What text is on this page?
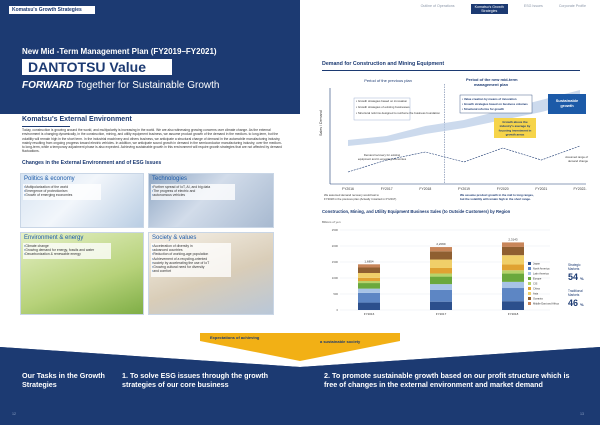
Komatsu's Growth Strategies
Outline of Operations	Komatsu's Growth
Strategies
ESG Issues	Corporate Profile
New Mid -Term Management Plan (FY2019–FY2021)
DANTOTSU Value
FORWARD Together for Sustainable Growth
Komatsu's External Environment
Today, construction is growing around the world, and multipolarity is increasing in the world. We are also witnessing growing concerns over climate change. As the external environment is changing dynamically, in the construction, mining, and utility equipment business, we assume product growth of the demand in the medium- to long-term, but the volatility will remain high in the short term. In the industrial machinery and others business, we anticipate a structural change of demand in the automobile manufacturing industry, mainly resulting from ongoing progress toward electric vehicles. In addition, we anticipate sound growth in demand in the semiconductor manufacturing industry, over the medium- to long-term, while a temporary adjustment phase is also expected. Achieving sustainable growth in this environment will require growth strategies that are not affected by demand fluctuations.
Changes in the External Environment and of ESG Issues
Politics & economy
▪ Multipolarization of the world
▪ Emergence of protectionism
▪ Growth of emerging economies
Technologies
▪ Further spread of IoT, AI, and big data
▪ The progress of electric and
▪ autonomous vehicles
Environment & energy
▪ Climate change
▪ Growing demand for energy, fossils and water
▪ Decarbonization & renewable energy
Society & values
▪ Acceleration of diversity in
▪ advanced countries
▪ Reduction of working-age population
▪ Achievement of a recycling-oriented
▪ society by accelerating the use of IoT
▪ Growing cultural need for diversity
▪ and comfort
Demand for Construction and Mining Equipment
Sales / Demand
Period of the previous plan	Period of the new mid-term
management plan
FY2016	FY2017	FY2018	FY2019	FY2020	FY2021	FY2022-
▪ Growth strategies based on innovation
▪ Growth strategies of existing businesses
▪ Structural reforms designed to reinforce the business foundation
▪ Value creation by means of innovation
▪ Growth strategies based on business volumes
▪ Structural reforms for growth
Growth above the
industry's average by
focusing investment in
growth areas
Sustainable
growth
Demand recovery for existing
equipment and in emerging economies
We assumed demand recovery would last to
FY2018 in the previous plan (Actually it started in FY2017)
We assume product growth in the mid to long ranges,
but the volatility will remain high in the short range.
Assumed range of
demand change
Construction, Mining, and Utility Equipment Business Sales (to Outside Customers) by Region
Billions of yen
0
500
1000
1500
2000
2500
1,6854
FY2016
2,2069
FY2017
2,3143
FY2018
Japan
North America
Latin America
Europe
CIS
China
Asia
Oceania
Middle East and Africa
Strategic
Markets
54 %
Traditional
Markets
46 %
Expectations of achieving
a sustainable society
Our Tasks in the Growth Strategies
1. To solve ESG issues through the growth strategies of our core business
2. To promote sustainable growth based on our profit structure which is free of changes in the external environment and market demand
12	13
